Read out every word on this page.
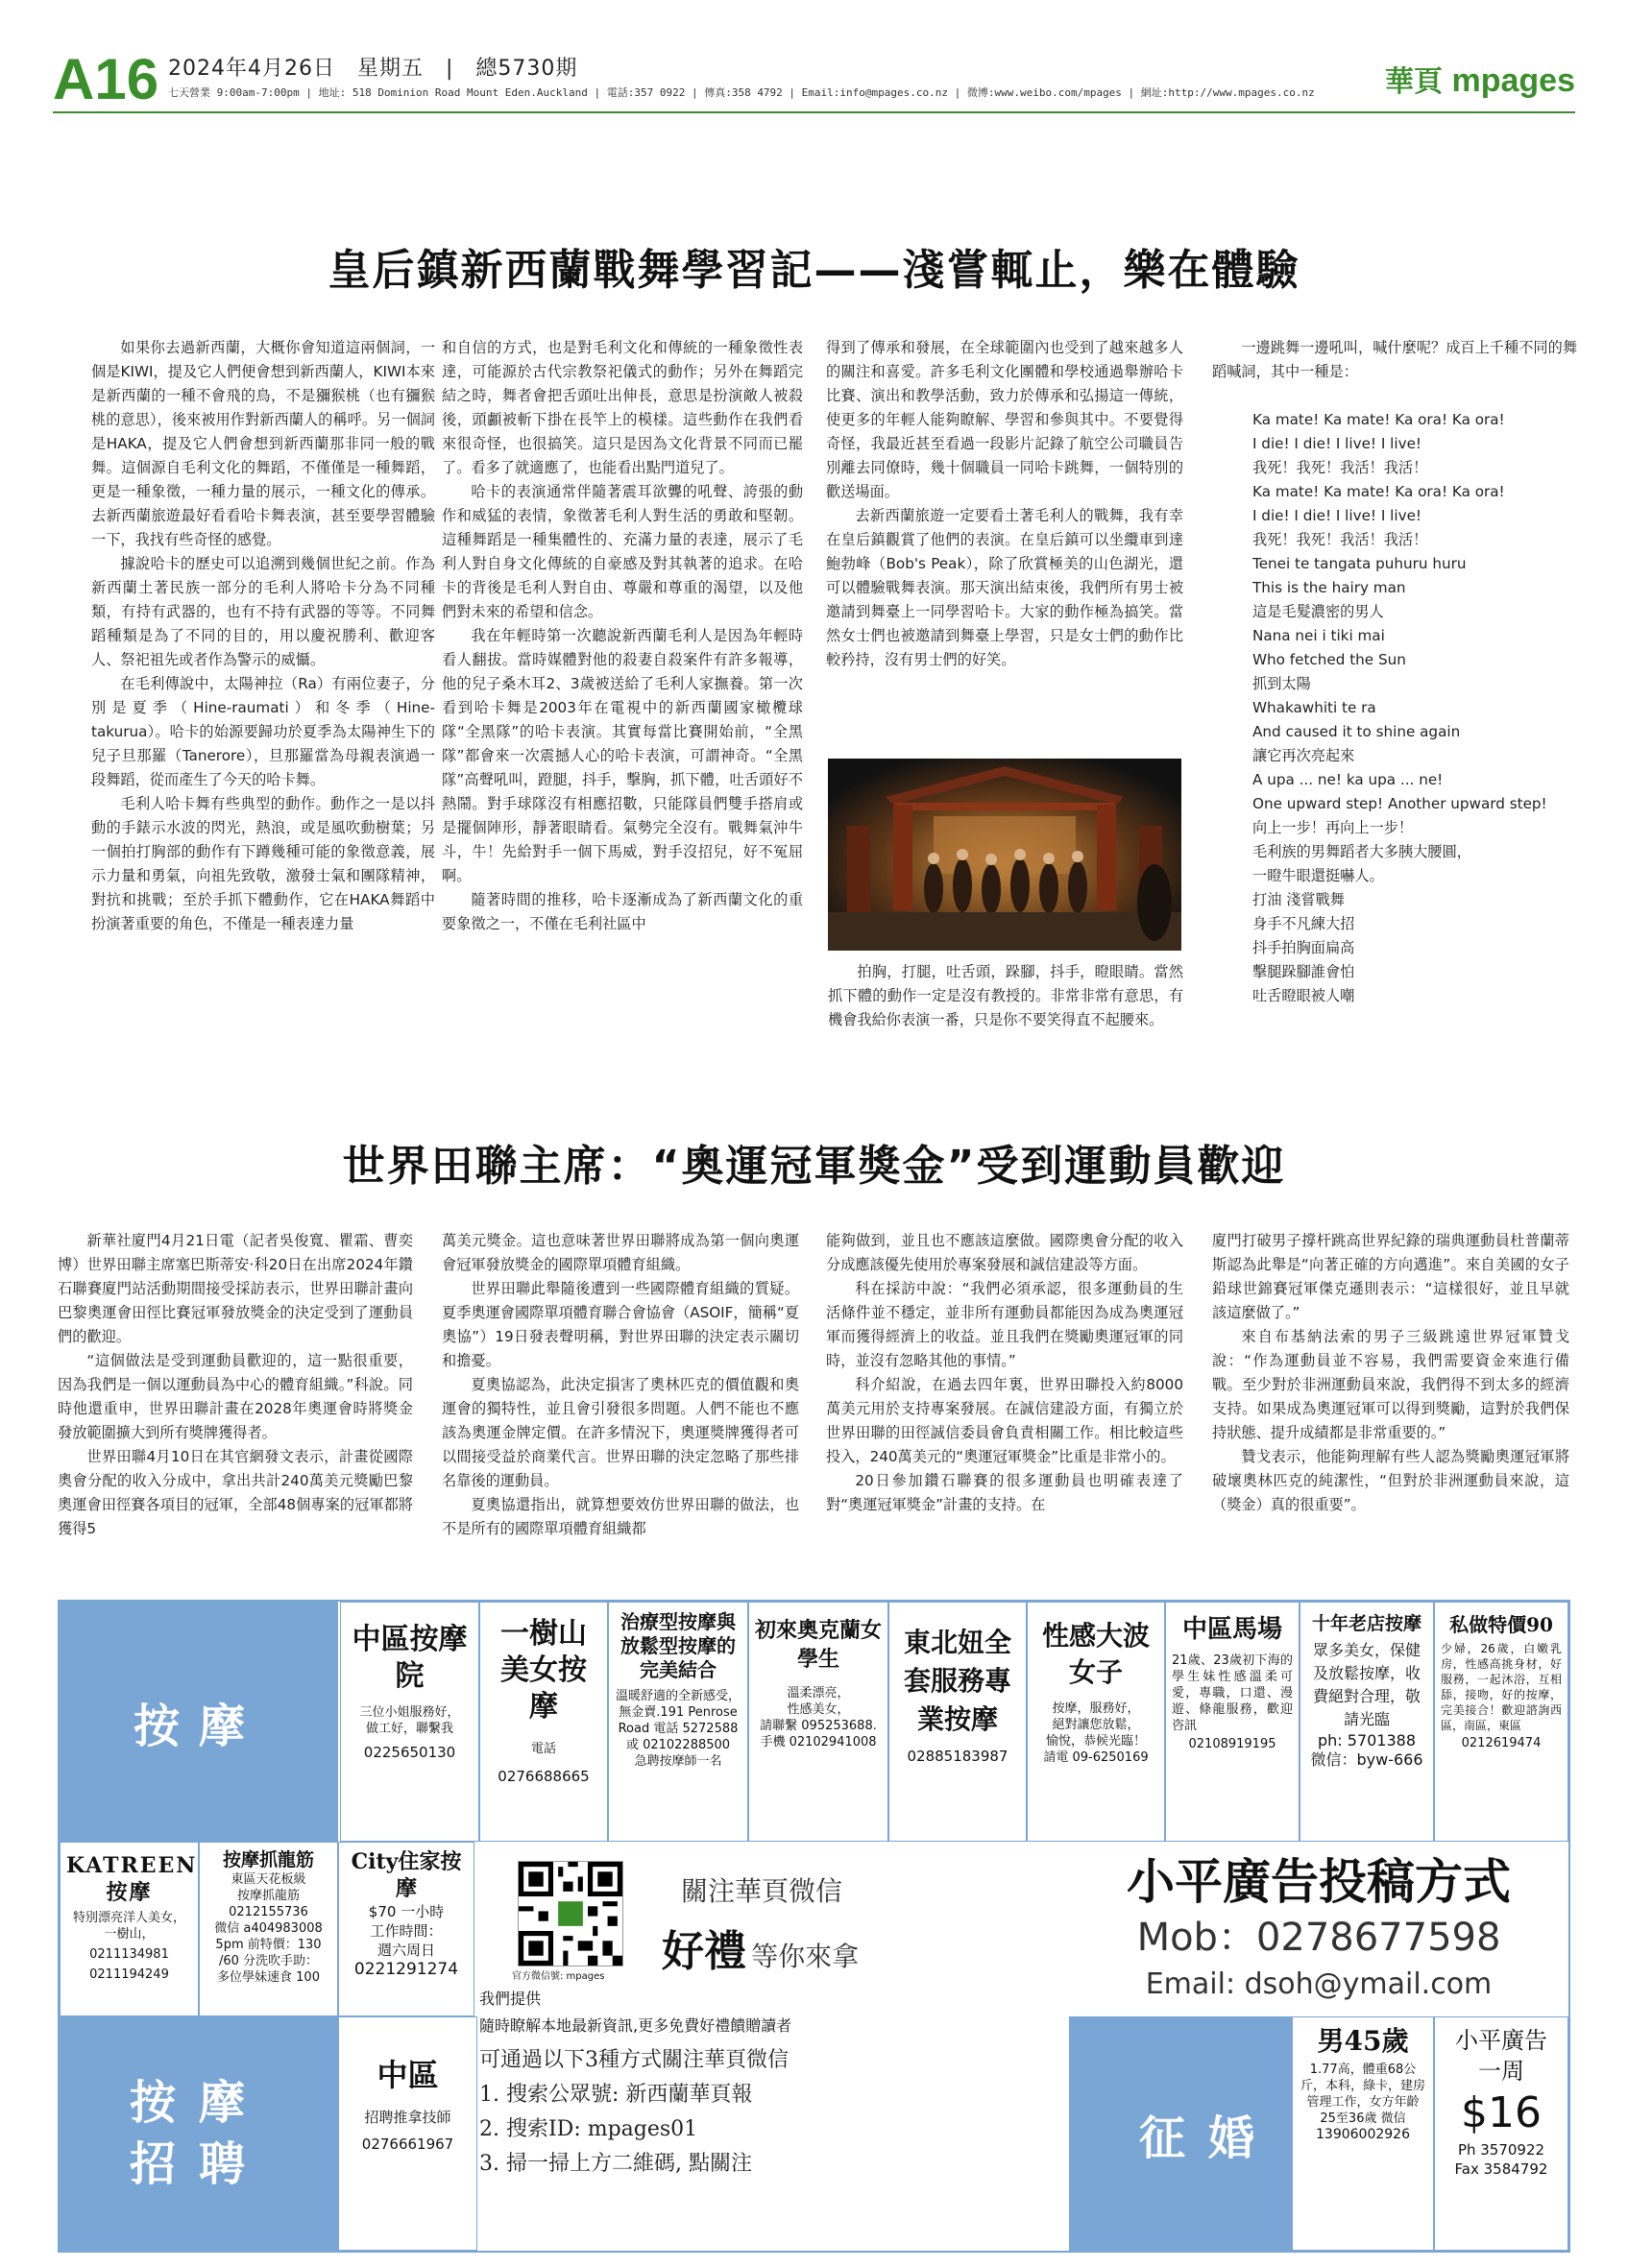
A16 2024年4月26日　星期五　|　總5730期
七天營業 9:00am-7:00pm | 地址: 518 Dominion Road Mount Eden.Auckland | 電話:357 0922 | 傳真:358 4792 | Email:info@mpages.co.nz | 微博:www.weibo.com/mpages | 網址:http://www.mpages.co.nz 華頁 mpages
皇后鎮新西蘭戰舞學習記——淺嘗輒止，樂在體驗

如果你去過新西蘭，大概你會知道這兩個詞，一個是KIWI，提及它人們便會想到新西蘭人，KIWI本來是新西蘭的一種不會飛的鳥，不是獼猴桃（也有獼猴桃的意思），後來被用作對新西蘭人的稱呼。另一個詞是HAKA，提及它人們會想到新西蘭那非同一般的戰舞。這個源自毛利文化的舞蹈，不僅僅是一種舞蹈，更是一種象徵，一種力量的展示，一種文化的傳承。去新西蘭旅遊最好看看哈卡舞表演，甚至要學習體驗一下，我找有些奇怪的感覺。

據說哈卡的歷史可以追溯到幾個世紀之前。作為新西蘭土著民族一部分的毛利人將哈卡分為不同種類，有持有武器的，也有不持有武器的等等。不同舞蹈種類是為了不同的目的，用以慶祝勝利、歡迎客人、祭祀祖先或者作為警示的威懾。

在毛利傳說中，太陽神拉（Ra）有兩位妻子，分別是夏季（Hine-raumati）和冬季（Hine-takurua）。哈卡的始源要歸功於夏季為太陽神生下的兒子旦那羅（Tanerore），旦那羅當為母親表演過一段舞蹈，從而產生了今天的哈卡舞。

毛利人哈卡舞有些典型的動作。動作之一是以抖動的手錶示水波的閃光，熱浪，或是風吹動樹葉；另一個拍打胸部的動作有下蹲幾種可能的象徵意義，展示力量和勇氣，向祖先致敬，激發士氣和團隊精神，對抗和挑戰；至於手抓下體動作，它在HAKA舞蹈中扮演著重要的角色，不僅是一種表達力量

和自信的方式，也是對毛利文化和傳統的一種象徵性表達，可能源於古代宗教祭祀儀式的動作；另外在舞蹈完結之時，舞者會把舌頭吐出伸長，意思是扮演敵人被殺後，頭顱被斬下掛在長竿上的模樣。這些動作在我們看來很奇怪，也很搞笑。這只是因為文化背景不同而已罷了。看多了就適應了，也能看出點門道兒了。

哈卡的表演通常伴隨著震耳欲聾的吼聲、誇張的動作和威猛的表情，象徵著毛利人對生活的勇敢和堅韌。這種舞蹈是一種集體性的、充滿力量的表達，展示了毛利人對自身文化傳統的自豪感及對其執著的追求。在哈卡的背後是毛利人對自由、尊嚴和尊重的渴望，以及他們對未來的希望和信念。

我在年輕時第一次聽說新西蘭毛利人是因為年輕時看人翻拔。當時媒體對他的殺妻自殺案件有許多報導，他的兒子桑木耳2、3歲被送給了毛利人家撫養。第一次看到哈卡舞是2003年在電視中的新西蘭國家橄欖球隊“全黑隊”的哈卡表演。其實每當比賽開始前，“全黑隊”都會來一次震撼人心的哈卡表演，可謂神奇。“全黑隊”高聲吼叫，蹬腿，抖手，擊胸，抓下體，吐舌頭好不熱鬧。對手球隊沒有相應招數，只能隊員們雙手搭肩或是擺個陣形，靜著眼睛看。氣勢完全沒有。戰舞氣沖牛斗，牛！先給對手一個下馬威，對手沒招兒，好不冤屈啊。

隨著時間的推移，哈卡逐漸成為了新西蘭文化的重要象徵之一，不僅在毛利社區中

得到了傳承和發展，在全球範圍內也受到了越來越多人的關注和喜愛。許多毛利文化團體和學校通過舉辦哈卡比賽、演出和教學活動，致力於傳承和弘揚這一傳統，使更多的年輕人能夠瞭解、學習和參與其中。不要覺得奇怪，我最近甚至看過一段影片記錄了航空公司職員告別離去同僚時，幾十個職員一同哈卡跳舞，一個特別的歡送場面。

去新西蘭旅遊一定要看土著毛利人的戰舞，我有幸在皇后鎮觀賞了他們的表演。在皇后鎮可以坐纜車到達鮑勃峰（Bob's Peak），除了欣賞極美的山色湖光，還可以體驗戰舞表演。那天演出結束後，我們所有男士被邀請到舞臺上一同學習哈卡。大家的動作極為搞笑。當然女士們也被邀請到舞臺上學習，只是女士們的動作比較矜持，沒有男士們的好笑。

拍胸，打腿，吐舌頭，跺腳，抖手，瞪眼睛。當然抓下體的動作一定是沒有教授的。非常非常有意思，有機會我給你表演一番，只是你不要笑得直不起腰來。

一邊跳舞一邊吼叫，喊什麼呢？成百上千種不同的舞蹈喊詞，其中一種是：

Ka mate! Ka mate! Ka ora! Ka ora!
I die! I die! I live! I live!
我死！我死！我活！我活！
Ka mate! Ka mate! Ka ora! Ka ora!
I die! I die! I live! I live!
我死！我死！我活！我活！
Tenei te tangata puhuru huru
This is the hairy man
這是毛髮濃密的男人
Nana nei i tiki mai
Who fetched the Sun
抓到太陽
Whakawhiti te ra
And caused it to shine again
讓它再次亮起來
A upa ... ne! ka upa ... ne!
One upward step! Another upward step!
向上一步！再向上一步！
毛利族的男舞蹈者大多胰大腰圓，
一瞪牛眼還挺嚇人。
打油 淺嘗戰舞
身手不凡練大招
抖手拍胸面扁高
擊腿跺腳誰會怕
吐舌瞪眼被人嘲
世界田聯主席：“奧運冠軍獎金”受到運動員歡迎

新華社廈門4月21日電（記者吳俊寬、瞿霜、曹奕博）世界田聯主席塞巴斯蒂安·科20日在出席2024年鑽石聯賽廈門站活動期間接受採訪表示，世界田聯計畫向巴黎奧運會田徑比賽冠軍發放獎金的決定受到了運動員們的歡迎。

“這個做法是受到運動員歡迎的，這一點很重要，因為我們是一個以運動員為中心的體育組織。”科說。同時他還重申，世界田聯計畫在2028年奧運會時將獎金發放範圍擴大到所有獎牌獲得者。

世界田聯4月10日在其官網發文表示，計畫從國際奧會分配的收入分成中，拿出共計240萬美元獎勵巴黎奧運會田徑賽各項目的冠軍，全部48個專案的冠軍都將獲得5

萬美元獎金。這也意味著世界田聯將成為第一個向奧運會冠軍發放獎金的國際單項體育組織。

世界田聯此舉隨後遭到一些國際體育組織的質疑。夏季奧運會國際單項體育聯合會協會（ASOIF，簡稱“夏奧協”）19日發表聲明稱，對世界田聯的決定表示關切和擔憂。

夏奧協認為，此決定損害了奧林匹克的價值觀和奧運會的獨特性，並且會引發很多問題。人們不能也不應該為奧運金牌定價。在許多情況下，奧運獎牌獲得者可以間接受益於商業代言。世界田聯的決定忽略了那些排名靠後的運動員。

夏奧協還指出，就算想要效仿世界田聯的做法，也不是所有的國際單項體育組織都

能夠做到，並且也不應該這麼做。國際奧會分配的收入分成應該優先使用於專案發展和誠信建設等方面。

科在採訪中說：“我們必須承認，很多運動員的生活條件並不穩定，並非所有運動員都能因為成為奧運冠軍而獲得經濟上的收益。並且我們在獎勵奧運冠軍的同時，並沒有忽略其他的事情。”

科介紹說，在過去四年裏，世界田聯投入約8000萬美元用於支持專案發展。在誠信建設方面，有獨立於世界田聯的田徑誠信委員會負責相關工作。相比較這些投入，240萬美元的“奧運冠軍獎金”比重是非常小的。

20日參加鑽石聯賽的很多運動員也明確表達了對“奧運冠軍獎金”計畫的支持。在

廈門打破男子撐杆跳高世界紀錄的瑞典運動員杜普蘭蒂斯認為此舉是“向著正確的方向邁進”。來自美國的女子鉛球世錦賽冠軍傑克遜則表示：“這樣很好，並且早就該這麼做了。”

來自布基納法索的男子三級跳遠世界冠軍贊戈說：“作為運動員並不容易，我們需要資金來進行備戰。至少對於非洲運動員來說，我們得不到太多的經濟支持。如果成為奧運冠軍可以得到獎勵，這對於我們保持狀態、提升成績都是非常重要的。”

贊戈表示，他能夠理解有些人認為獎勵奧運冠軍將破壞奧林匹克的純潔性，“但對於非洲運動員來說，這（獎金）真的很重要”。

按摩
中區按摩院
三位小姐服務好，
做工好，聯繫我
0225650130
一樹山美女按摩
電話
0276688665
治療型按摩與放鬆型按摩的完美結合
溫暖舒適的全新感受，
無金賣.191 Penrose
Road 電話 5272588
或 02102288500
急聘按摩師一名
初來奧克蘭女學生
溫柔漂亮，
性感美女，
請聯繫 095253688.
手機 02102941008
東北妞全套服務專業按摩
02885183987
性感大波女子
按摩，服務好，
絕對讓您放鬆，
愉悅，恭候光臨！
請電 09-6250169
中區馬場
21歲、23歲初下海的學生妹性感溫柔可愛，專職，口還、漫遊、條龍服務，歡迎咨訊
02108919195
十年老店按摩
眾多美女，保健及放鬆按摩，收費絕對合理，敬請光臨
ph: 5701388
微信：byw-666
私做特價90
少婦，26歲，白嫩乳房，性感高挑身材，好服務，一起沐浴，互相舔，接吻，好的按摩，完美接合！歡迎諮詢西區，南區，東區
0212619474
KATREEN按摩
特別漂亮洋人美女，
一樹山，
0211134981
0211194249
按摩抓龍筋
東區天花板級
按摩抓龍筋
0212155736
微信 a404983008
5pm 前特價：130
/60 分洗吹手助：
多位學妹速食 100
City住家按摩
$70 一小時
工作時間：
週六周日
0221291274
按摩招聘
中區
招聘推拿技師
0276661967
官方微信號: mpages
關注華頁微信
好禮 等你來拿
我們提供
隨時瞭解本地最新資訊,更多免費好禮饋贈讀者
可通過以下3種方式關注華頁微信
1. 搜索公眾號: 新西蘭華頁報
2. 搜索ID: mpages01
3. 掃一掃上方二維碼, 點關注
小平廣告投稿方式
Mob：0278677598
Email: dsoh@ymail.com
征婚
男45歲
1.77高，體重68公斤，本科，綠卡，建房管理工作，女方年齡
25至36歲 微信
13906002926
小平廣告一周
$16
Ph 3570922
Fax 3584792
